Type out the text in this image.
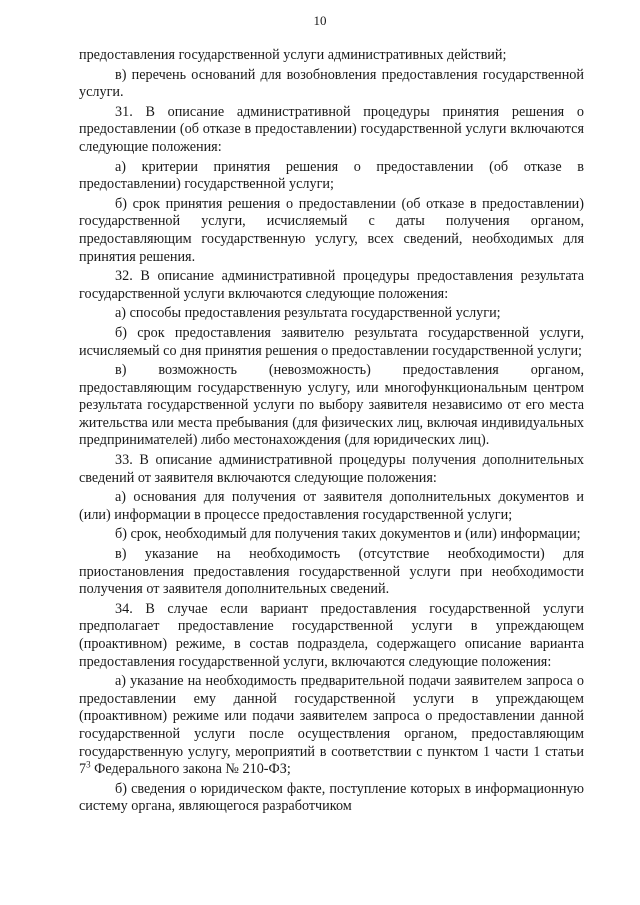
10

предоставления государственной услуги административных действий;

в) перечень оснований для возобновления предоставления государственной услуги.

31. В описание административной процедуры принятия решения о предоставлении (об отказе в предоставлении) государственной услуги включаются следующие положения:

а) критерии принятия решения о предоставлении (об отказе в предоставлении) государственной услуги;

б) срок принятия решения о предоставлении (об отказе в предоставлении) государственной услуги, исчисляемый с даты получения органом, предоставляющим государственную услугу, всех сведений, необходимых для принятия решения.

32. В описание административной процедуры предоставления результата государственной услуги включаются следующие положения:

а) способы предоставления результата государственной услуги;

б) срок предоставления заявителю результата государственной услуги, исчисляемый со дня принятия решения о предоставлении государственной услуги;

в) возможность (невозможность) предоставления органом, предоставляющим государственную услугу, или многофункциональным центром результата государственной услуги по выбору заявителя независимо от его места жительства или места пребывания (для физических лиц, включая индивидуальных предпринимателей) либо местонахождения (для юридических лиц).

33. В описание административной процедуры получения дополнительных сведений от заявителя включаются следующие положения:

а) основания для получения от заявителя дополнительных документов и (или) информации в процессе предоставления государственной услуги;

б) срок, необходимый для получения таких документов и (или) информации;

в) указание на необходимость (отсутствие необходимости) для приостановления предоставления государственной услуги при необходимости получения от заявителя дополнительных сведений.

34. В случае если вариант предоставления государственной услуги предполагает предоставление государственной услуги в упреждающем (проактивном) режиме, в состав подраздела, содержащего описание варианта предоставления государственной услуги, включаются следующие положения:

а) указание на необходимость предварительной подачи заявителем запроса о предоставлении ему данной государственной услуги в упреждающем (проактивном) режиме или подачи заявителем запроса о предоставлении данной государственной услуги после осуществления органом, предоставляющим государственную услугу, мероприятий в соответствии с пунктом 1 части 1 статьи $7^3$ Федерального закона № 210-ФЗ;

б) сведения о юридическом факте, поступление которых в информационную систему органа, являющегося разработчиком
